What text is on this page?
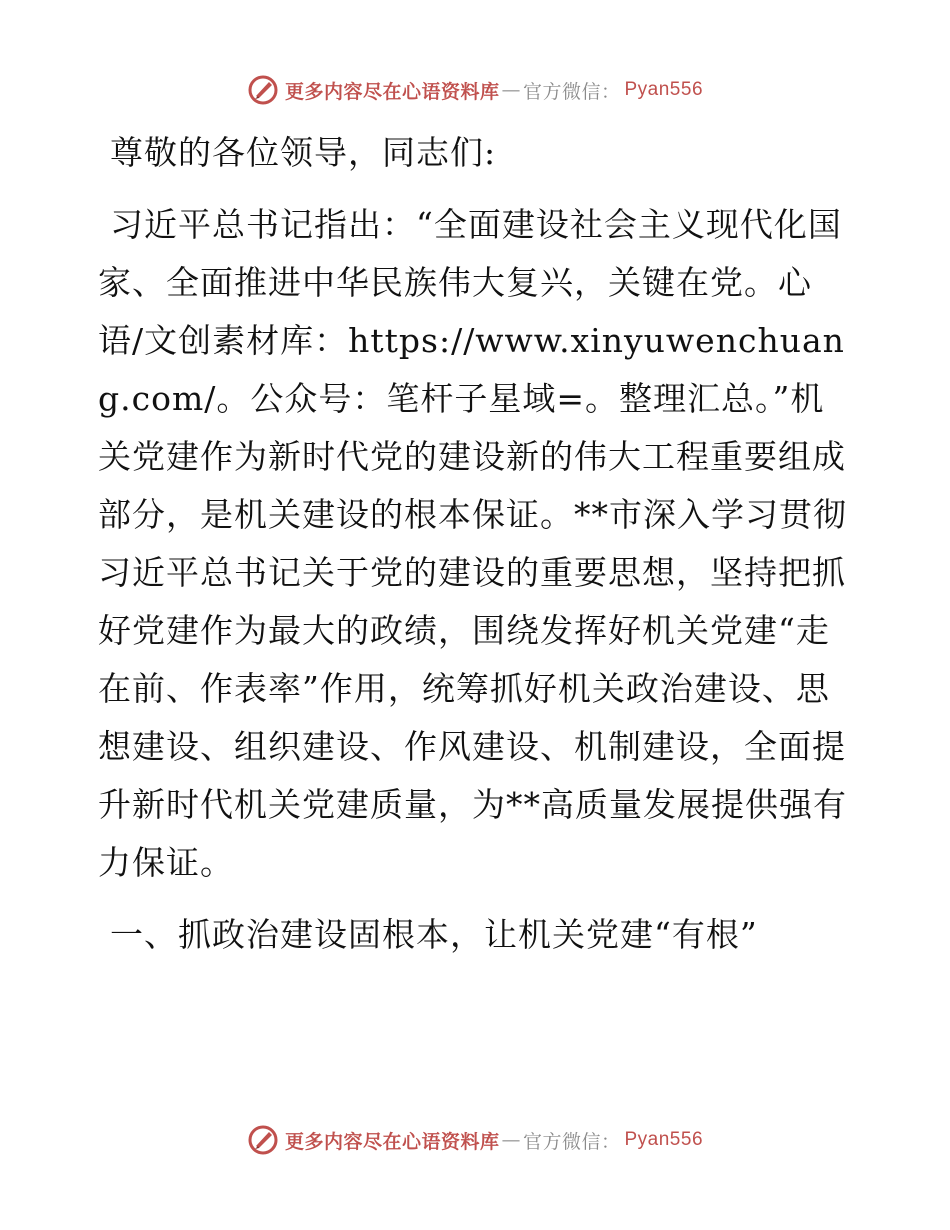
更多内容尽在心语资料库 — 官方微信： Pyan556

尊敬的各位领导，同志们:

习近平总书记指出：“全面建设社会主义现代化国家、全面推进中华民族伟大复兴，关键在党。心语/文创素材库：https://www.xinyuwenchuang.com/。公众号：笔杆子星域=。整理汇总。”机关党建作为新时代党的建设新的伟大工程重要组成部分，是机关建设的根本保证。**市深入学习贯彻习近平总书记关于党的建设的重要思想，坚持把抓好党建作为最大的政绩，围绕发挥好机关党建“走在前、作表率”作用，统筹抓好机关政治建设、思想建设、组织建设、作风建设、机制建设，全面提升新时代机关党建质量，为**高质量发展提供强有力保证。

一、抓政治建设固根本，让机关党建“有根”

更多内容尽在心语资料库 — 官方微信： Pyan556
